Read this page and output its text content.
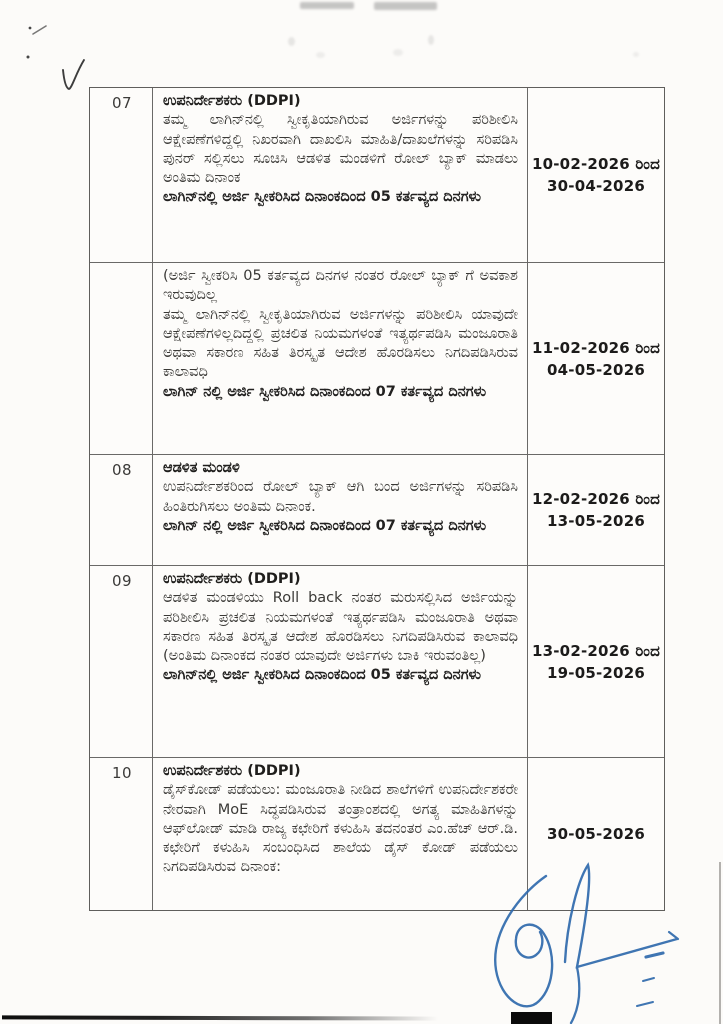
07	ಉಪನಿರ್ದೇಶಕರು (DDPI)

ತಮ್ಮ ಲಾಗಿನ್‌ನಲ್ಲಿ ಸ್ವೀಕೃತಿಯಾಗಿರುವ ಅರ್ಜಿಗಳನ್ನು ಪರಿಶೀಲಿಸಿ ಆಕ್ಷೇಪಣೆಗಳಿದ್ದಲ್ಲಿ ನಿಖರವಾಗಿ ದಾಖಲಿಸಿ ಮಾಹಿತಿ/ದಾಖಲೆಗಳನ್ನು ಸರಿಪಡಿಸಿ ಪುನರ್ ಸಲ್ಲಿಸಲು ಸೂಚಿಸಿ ಆಡಳಿತ ಮಂಡಳಿಗೆ ರೋಲ್ ಬ್ಯಾಕ್ ಮಾಡಲು ಅಂತಿಮ ದಿನಾಂಕ

ಲಾಗಿನ್‌ನಲ್ಲಿ ಅರ್ಜಿ ಸ್ವೀಕರಿಸಿದ ದಿನಾಂಕದಿಂದ 05 ಕರ್ತವ್ಯದ ದಿನಗಳು

10-02-2026 ರಿಂದ
30-04-2026

(ಅರ್ಜಿ ಸ್ವೀಕರಿಸಿ 05 ಕರ್ತವ್ಯದ ದಿನಗಳ ನಂತರ ರೋಲ್ ಬ್ಯಾಕ್ ಗೆ ಅವಕಾಶ ಇರುವುದಿಲ್ಲ

ತಮ್ಮ ಲಾಗಿನ್‌ನಲ್ಲಿ ಸ್ವೀಕೃತಿಯಾಗಿರುವ ಅರ್ಜಿಗಳನ್ನು ಪರಿಶೀಲಿಸಿ ಯಾವುದೇ ಆಕ್ಷೇಪಣೆಗಳಿಲ್ಲದಿದ್ದಲ್ಲಿ ಪ್ರಚಲಿತ ನಿಯಮಗಳಂತೆ ಇತ್ಯರ್ಥಪಡಿಸಿ ಮಂಜೂರಾತಿ ಅಥವಾ ಸಕಾರಣ ಸಹಿತ ತಿರಸ್ಕೃತ ಆದೇಶ ಹೊರಡಿಸಲು ನಿಗದಿಪಡಿಸಿರುವ ಕಾಲಾವಧಿ

ಲಾಗಿನ್ ನಲ್ಲಿ ಅರ್ಜಿ ಸ್ವೀಕರಿಸಿದ ದಿನಾಂಕದಿಂದ 07 ಕರ್ತವ್ಯದ ದಿನಗಳು

11-02-2026 ರಿಂದ
04-05-2026
08	ಆಡಳಿತ ಮಂಡಳಿ

ಉಪನಿರ್ದೇಶಕರಿಂದ ರೋಲ್ ಬ್ಯಾಕ್ ಆಗಿ ಬಂದ ಅರ್ಜಿಗಳನ್ನು ಸರಿಪಡಿಸಿ ಹಿಂತಿರುಗಿಸಲು ಅಂತಿಮ ದಿನಾಂಕ.

ಲಾಗಿನ್ ನಲ್ಲಿ ಅರ್ಜಿ ಸ್ವೀಕರಿಸಿದ ದಿನಾಂಕದಿಂದ 07 ಕರ್ತವ್ಯದ ದಿನಗಳು

12-02-2026 ರಿಂದ
13-05-2026
09	ಉಪನಿರ್ದೇಶಕರು (DDPI)

ಆಡಳಿತ ಮಂಡಳಿಯು Roll back ನಂತರ ಮರುಸಲ್ಲಿಸಿದ ಅರ್ಜಿಯನ್ನು ಪರಿಶೀಲಿಸಿ ಪ್ರಚಲಿತ ನಿಯಮಗಳಂತೆ ಇತ್ಯರ್ಥಪಡಿಸಿ ಮಂಜೂರಾತಿ ಅಥವಾ ಸಕಾರಣ ಸಹಿತ ತಿರಸ್ಕೃತ ಆದೇಶ ಹೊರಡಿಸಲು ನಿಗದಿಪಡಿಸಿರುವ ಕಾಲಾವಧಿ (ಅಂತಿಮ ದಿನಾಂಕದ ನಂತರ ಯಾವುದೇ ಅರ್ಜಿಗಳು ಬಾಕಿ ಇರುವಂತಿಲ್ಲ)

ಲಾಗಿನ್‌ನಲ್ಲಿ ಅರ್ಜಿ ಸ್ವೀಕರಿಸಿದ ದಿನಾಂಕದಿಂದ 05 ಕರ್ತವ್ಯದ ದಿನಗಳು

13-02-2026 ರಿಂದ
19-05-2026
10	ಉಪನಿರ್ದೇಶಕರು (DDPI)

ಡೈಸ್‌ಕೋಡ್ ಪಡೆಯಲು: ಮಂಜೂರಾತಿ ನೀಡಿದ ಶಾಲೆಗಳಿಗೆ ಉಪನಿರ್ದೇಶಕರೇ ನೇರವಾಗಿ MoE ಸಿದ್ಧಪಡಿಸಿರುವ ತಂತ್ರಾಂಶದಲ್ಲಿ ಅಗತ್ಯ ಮಾಹಿತಿಗಳನ್ನು ಆಫ್‌ಲೋಡ್ ಮಾಡಿ ರಾಜ್ಯ ಕಛೇರಿಗೆ ಕಳುಹಿಸಿ ತದನಂತರ ಎಂ.ಹೆಚ್ ಆರ್.ಡಿ. ಕಛೇರಿಗೆ ಕಳುಹಿಸಿ ಸಂಬಂಧಿಸಿದ ಶಾಲೆಯ ಡೈಸ್ ಕೋಡ್ ಪಡೆಯಲು ನಿಗದಿಪಡಿಸಿರುವ ದಿನಾಂಕ:

30-05-2026
